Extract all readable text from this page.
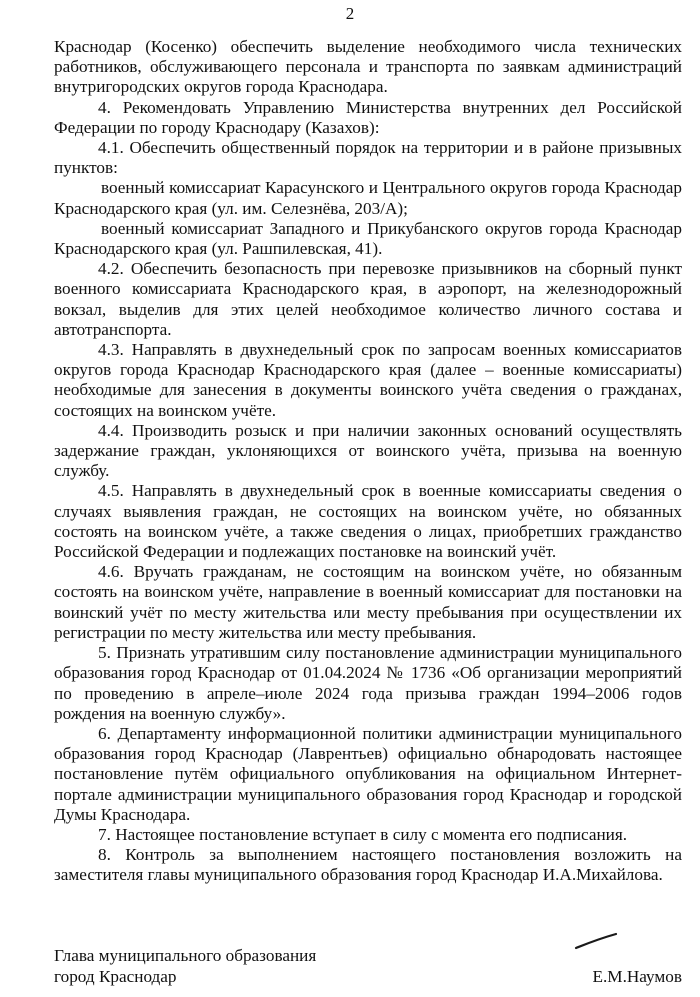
2

Краснодар (Косенко) обеспечить выделение необходимого числа технических работников, обслуживающего персонала и транспорта по заявкам администраций внутригородских округов города Краснодара.

4. Рекомендовать Управлению Министерства внутренних дел Российской Федерации по городу Краснодару (Казахов):

4.1. Обеспечить общественный порядок на территории и в районе призывных пунктов:

военный комиссариат Карасунского и Центрального округов города Краснодар Краснодарского края (ул. им. Селезнёва, 203/А);

военный комиссариат Западного и Прикубанского округов города Краснодар Краснодарского края (ул. Рашпилевская, 41).

4.2. Обеспечить безопасность при перевозке призывников на сборный пункт военного комиссариата Краснодарского края, в аэропорт, на железнодорожный вокзал, выделив для этих целей необходимое количество личного состава и автотранспорта.

4.3. Направлять в двухнедельный срок по запросам военных комиссариатов округов города Краснодар Краснодарского края (далее – военные комиссариаты) необходимые для занесения в документы воинского учёта сведения о гражданах, состоящих на воинском учёте.

4.4. Производить розыск и при наличии законных оснований осуществлять задержание граждан, уклоняющихся от воинского учёта, призыва на военную службу.

4.5. Направлять в двухнедельный срок в военные комиссариаты сведения о случаях выявления граждан, не состоящих на воинском учёте, но обязанных состоять на воинском учёте, а также сведения о лицах, приобретших гражданство Российской Федерации и подлежащих постановке на воинский учёт.

4.6. Вручать гражданам, не состоящим на воинском учёте, но обязанным состоять на воинском учёте, направление в военный комиссариат для постановки на воинский учёт по месту жительства или месту пребывания при осуществлении их регистрации по месту жительства или месту пребывания.

5. Признать утратившим силу постановление администрации муниципального образования город Краснодар от 01.04.2024 № 1736 «Об организации мероприятий по проведению в апреле–июле 2024 года призыва граждан 1994–2006 годов рождения на военную службу».

6. Департаменту информационной политики администрации муниципального образования город Краснодар (Лаврентьев) официально обнародовать настоящее постановление путём официального опубликования на официальном Интернет-портале администрации муниципального образования город Краснодар и городской Думы Краснодара.

7. Настоящее постановление вступает в силу с момента его подписания.

8. Контроль за выполнением настоящего постановления возложить на заместителя главы муниципального образования город Краснодар И.А.Михайлова.

Глава муниципального образования
город Краснодар	Е.М.Наумов
